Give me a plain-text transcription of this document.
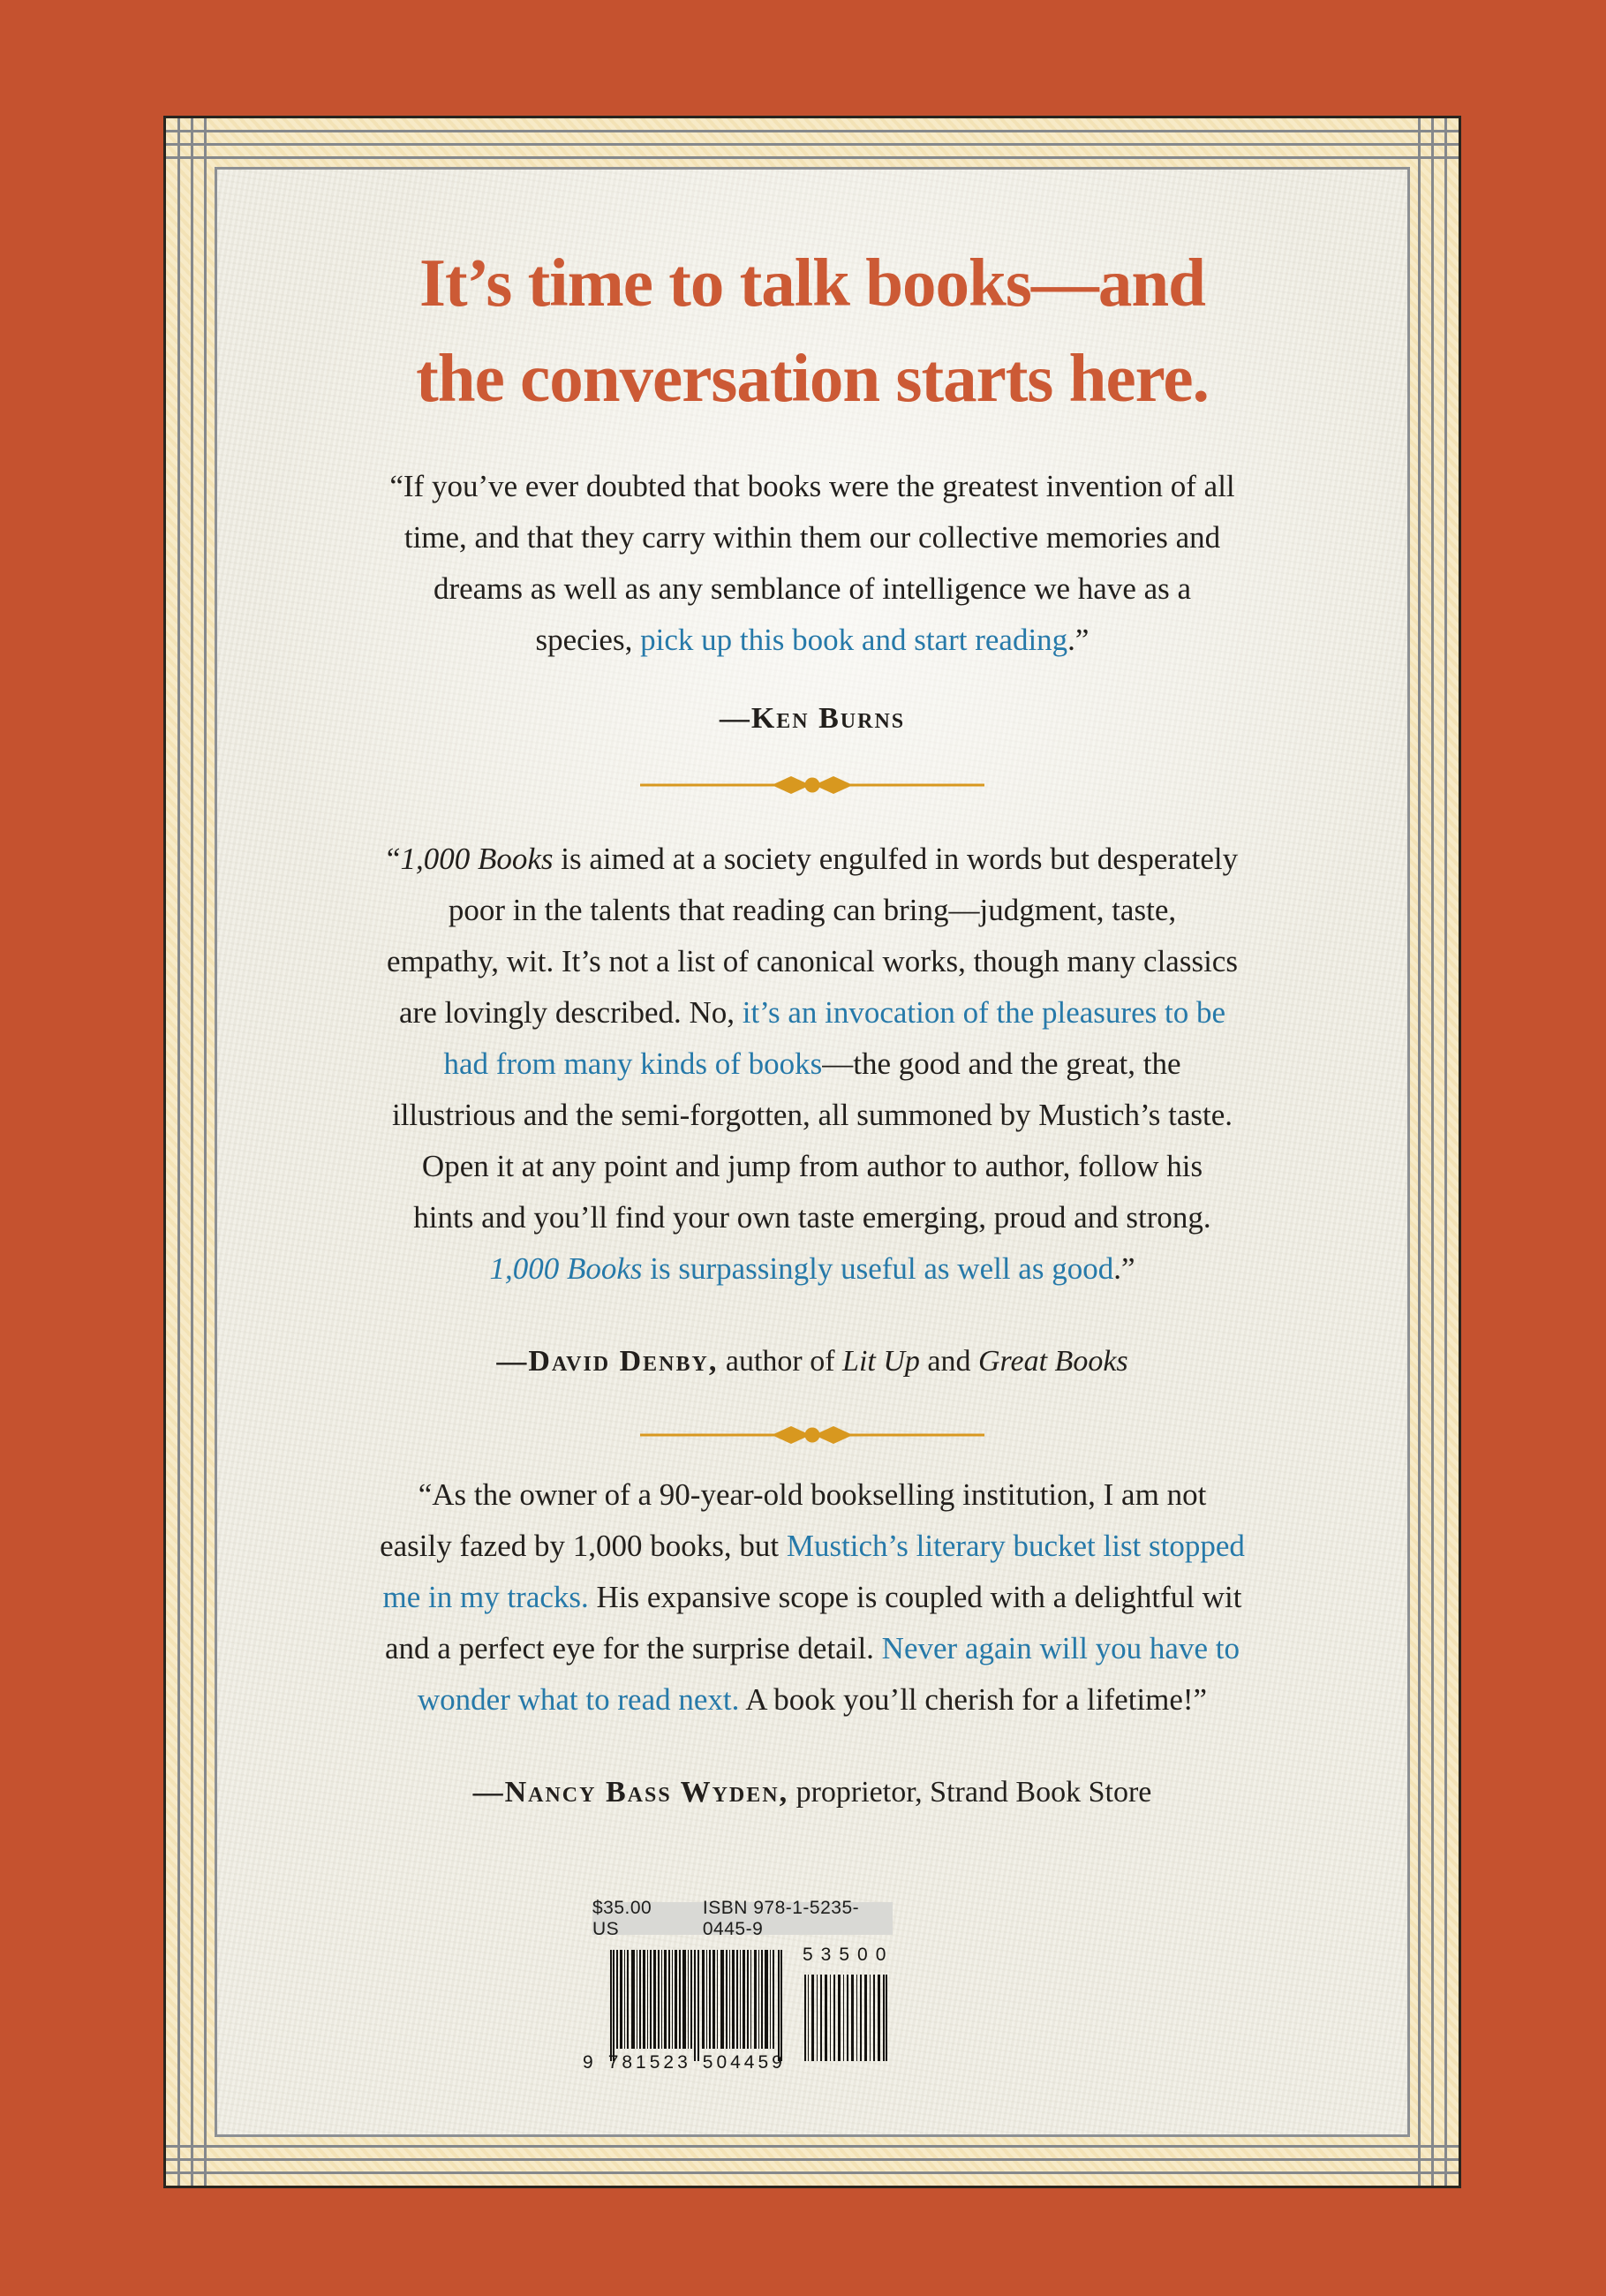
It’s time to talk books—and
the conversation starts here.
“If you’ve ever doubted that books were the greatest invention of all
time, and that they carry within them our collective memories and
dreams as well as any semblance of intelligence we have as a
species, pick up this book and start reading.”
—Ken Burns
“1,000 Books is aimed at a society engulfed in words but desperately
poor in the talents that reading can bring—judgment, taste,
empathy, wit. It’s not a list of canonical works, though many classics
are lovingly described. No, it’s an invocation of the pleasures to be
had from many kinds of books—the good and the great, the
illustrious and the semi-forgotten, all summoned by Mustich’s taste.
Open it at any point and jump from author to author, follow his
hints and you’ll find your own taste emerging, proud and strong.
1,000 Books is surpassingly useful as well as good.”
—David Denby, author of Lit Up and Great Books
“As the owner of a 90-year-old bookselling institution, I am not
easily fazed by 1,000 books, but Mustich’s literary bucket list stopped
me in my tracks. His expansive scope is coupled with a delightful wit
and a perfect eye for the surprise detail. Never again will you have to
wonder what to read next. A book you’ll cherish for a lifetime!”
—Nancy Bass Wyden, proprietor, Strand Book Store
$35.00 US
ISBN 978-1-5235-0445-9
9 781523 504459
53500
